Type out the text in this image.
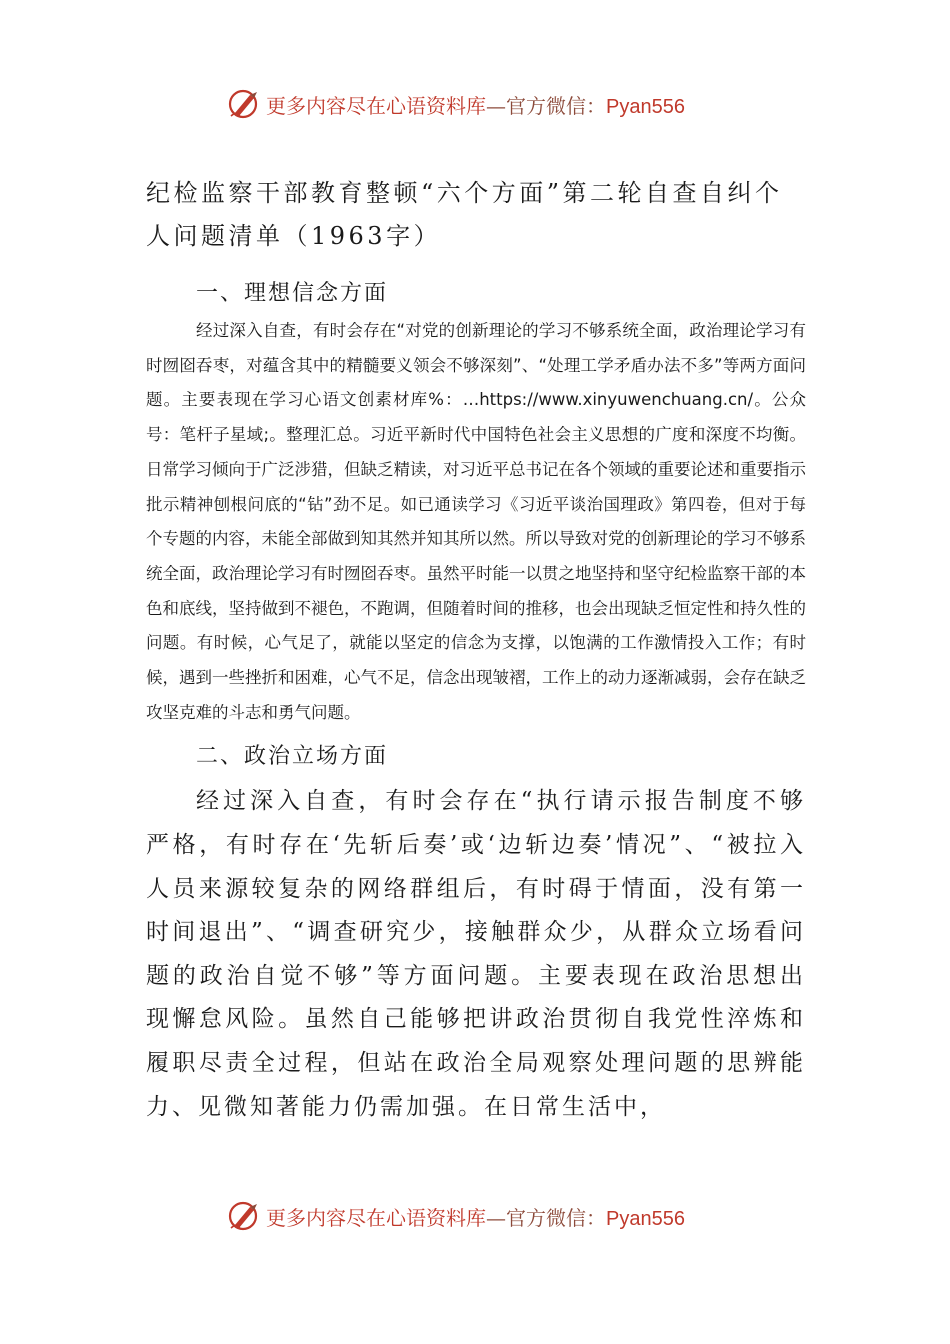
更多内容尽在心语资料库—官方微信：Pyan556
纪检监察干部教育整顿“六个方面”第二轮自查自纠个人问题清单（1963字）
一、理想信念方面

经过深入自查，有时会存在“对党的创新理论的学习不够系统全面，政治理论学习有时囫囵吞枣，对蕴含其中的精髓要义领会不够深刻”、“处理工学矛盾办法不多”等两方面问题。主要表现在学习心语文创素材库%：…https://www.xinyuwenchuang.cn/。公众号：笔杆子星域;。整理汇总。习近平新时代中国特色社会主义思想的广度和深度不均衡。日常学习倾向于广泛涉猎，但缺乏精读，对习近平总书记在各个领域的重要论述和重要指示批示精神刨根问底的“钻”劲不足。如已通读学习《习近平谈治国理政》第四卷，但对于每个专题的内容，未能全部做到知其然并知其所以然。所以导致对党的创新理论的学习不够系统全面，政治理论学习有时囫囵吞枣。虽然平时能一以贯之地坚持和坚守纪检监察干部的本色和底线，坚持做到不褪色，不跑调，但随着时间的推移，也会出现缺乏恒定性和持久性的问题。有时候，心气足了，就能以坚定的信念为支撑，以饱满的工作激情投入工作；有时候，遇到一些挫折和困难，心气不足，信念出现皱褶，工作上的动力逐渐减弱，会存在缺乏攻坚克难的斗志和勇气问题。

二、政治立场方面

经过深入自查，有时会存在“执行请示报告制度不够严格，有时存在‘先斩后奏’或‘边斩边奏’情况”、“被拉入人员来源较复杂的网络群组后，有时碍于情面，没有第一时间退出”、“调查研究少，接触群众少，从群众立场看问题的政治自觉不够”等方面问题。主要表现在政治思想出现懈怠风险。虽然自己能够把讲政治贯彻自我党性淬炼和履职尽责全过程，但站在政治全局观察处理问题的思辨能力、见微知著能力仍需加强。在日常生活中，

更多内容尽在心语资料库—官方微信：Pyan556
